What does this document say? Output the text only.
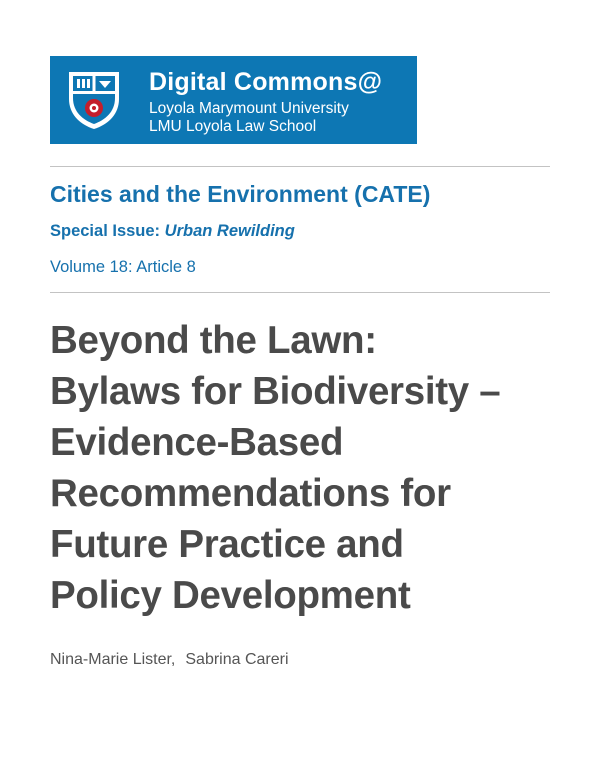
Digital Commons@
Loyola Marymount University
LMU Loyola Law School
Cities and the Environment (CATE)
Special Issue: Urban Rewilding
Volume 18: Article 8
Beyond the Lawn:
Bylaws for Biodiversity –
Evidence-Based
Recommendations for
Future Practice and
Policy Development
Nina-Marie Lister, Sabrina Careri
